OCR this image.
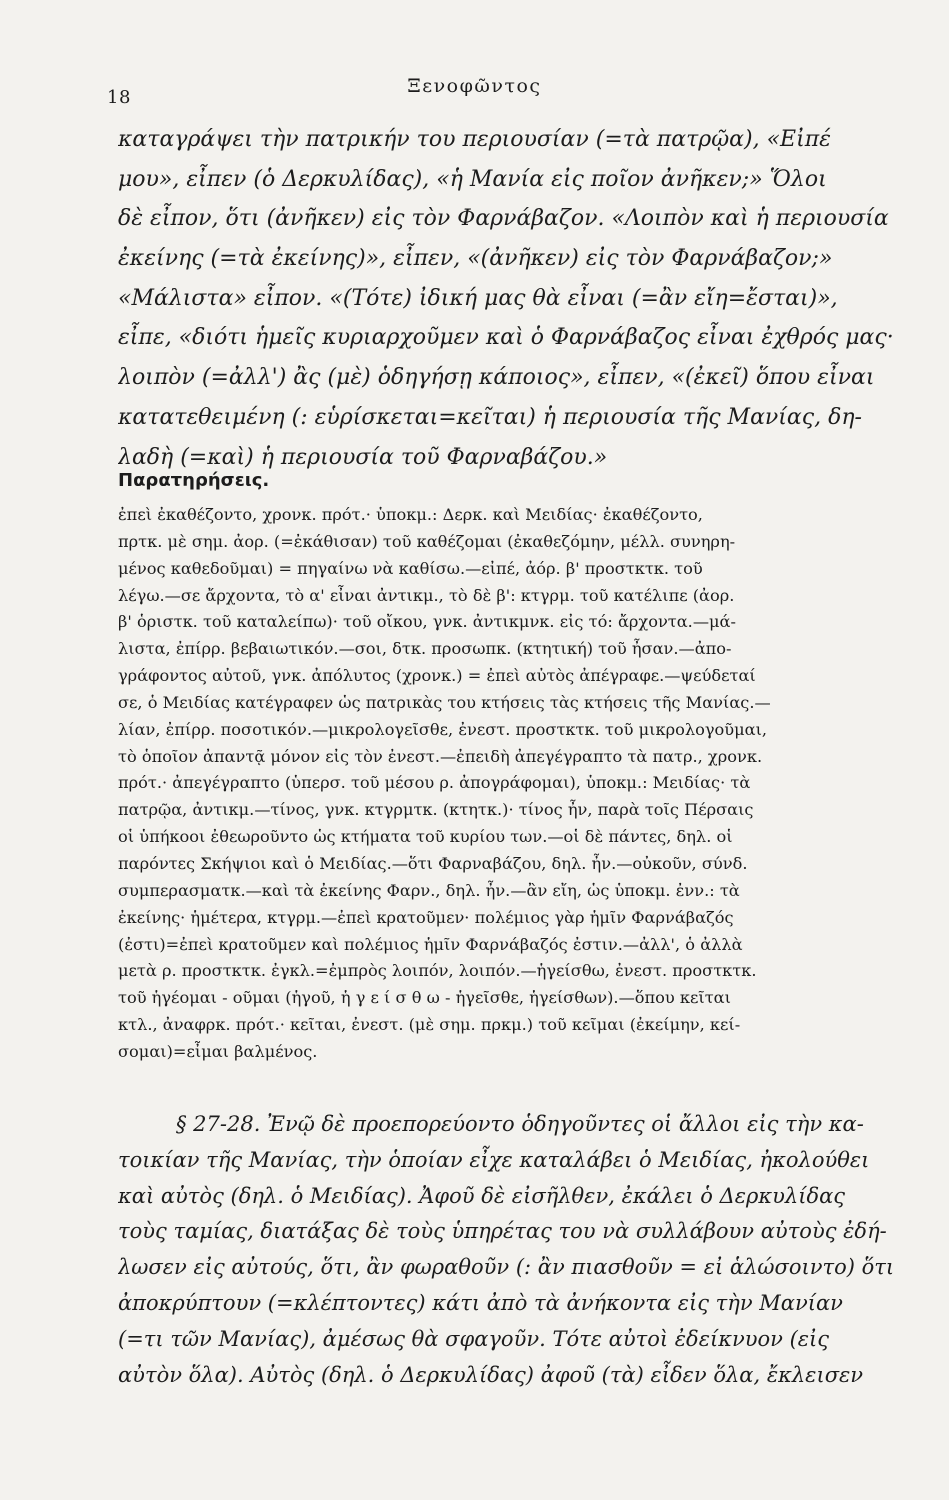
18
Ξενοφῶντος
καταγράψει τὴν πατρικήν του περιουσίαν (=τὰ πατρῷα), «Εἰπέ
μου», εἶπεν (ὁ Δερκυλίδας), «ἡ Μανία εἰς ποῖον ἀνῆκεν;» Ὅλοι
δὲ εἶπον, ὅτι (ἀνῆκεν) εἰς τὸν Φαρνάβαζον. «Λοιπὸν καὶ ἡ περιουσία
ἐκείνης (=τὰ ἐκείνης)», εἶπεν, «(ἀνῆκεν) εἰς τὸν Φαρνάβαζον;»
«Μάλιστα» εἶπον. «(Τότε) ἰδική μας θὰ εἶναι (=ἂν εἴη=ἔσται)»,
εἶπε, «διότι ἡμεῖς κυριαρχοῦμεν καὶ ὁ Φαρνάβαζος εἶναι ἐχθρός μας·
λοιπὸν (=ἀλλ') ἂς (μὲ) ὁδηγήσῃ κάποιος», εἶπεν, «(ἐκεῖ) ὅπου εἶναι
κατατεθειμένη (: εὑρίσκεται=κεῖται) ἡ περιουσία τῆς Μανίας, δη-
λαδὴ (=καὶ) ἡ περιουσία τοῦ Φαρναβάζου.»
Παρατηρήσεις.
ἐπεὶ ἐκαθέζοντο, χρονκ. πρότ.· ὑποκμ.: Δερκ. καὶ Μειδίας· ἐκαθέζοντο,
πρτκ. μὲ σημ. ἀορ. (=ἐκάθισαν) τοῦ καθέζομαι (ἐκαθεζόμην, μέλλ. συνηρη-
μένος καθεδοῦμαι) = πηγαίνω νὰ καθίσω.—εἰπέ, ἀόρ. β' προστκτκ. τοῦ
λέγω.—σε ἄρχοντα, τὸ α' εἶναι ἀντικμ., τὸ δὲ β': κτγρμ. τοῦ κατέλιπε (ἀορ.
β' ὁριστκ. τοῦ καταλείπω)· τοῦ οἴκου, γνκ. ἀντικμνκ. εἰς τό: ἄρχοντα.—μά-
λιστα, ἐπίρρ. βεβαιωτικόν.—σοι, δτκ. προσωπκ. (κτητική) τοῦ ἦσαν.—ἀπο-
γράφοντος αὐτοῦ, γνκ. ἀπόλυτος (χρονκ.) = ἐπεὶ αὐτὸς ἀπέγραφε.—ψεύδεταί
σε, ὁ Μειδίας κατέγραφεν ὡς πατρικὰς του κτήσεις τὰς κτήσεις τῆς Μανίας.—
λίαν, ἐπίρρ. ποσοτικόν.—μικρολογεῖσθε, ἐνεστ. προστκτκ. τοῦ μικρολογοῦμαι,
τὸ ὁποῖον ἀπαντᾷ μόνον εἰς τὸν ἐνεστ.—ἐπειδὴ ἀπεγέγραπτο τὰ πατρ., χρονκ.
πρότ.· ἀπεγέγραπτο (ὑπερσ. τοῦ μέσου ρ. ἀπογράφομαι), ὑποκμ.: Μειδίας· τὰ
πατρῷα, ἀντικμ.—τίνος, γνκ. κτγρμτκ. (κτητκ.)· τίνος ἦν, παρὰ τοῖς Πέρσαις
οἱ ὑπήκοοι ἐθεωροῦντο ὡς κτήματα τοῦ κυρίου των.—οἱ δὲ πάντες, δηλ. οἱ
παρόντες Σκήψιοι καὶ ὁ Μειδίας.—ὅτι Φαρναβάζου, δηλ. ἦν.—οὐκοῦν, σύνδ.
συμπερασματκ.—καὶ τὰ ἐκείνης Φαρν., δηλ. ἦν.—ἂν εἴη, ὡς ὑποκμ. ἐνν.: τὰ
ἐκείνης· ἡμέτερα, κτγρμ.—ἐπεὶ κρατοῦμεν· πολέμιος γὰρ ἡμῖν Φαρνάβαζός
(ἐστι)=ἐπεὶ κρατοῦμεν καὶ πολέμιος ἡμῖν Φαρνάβαζός ἐστιν.—ἀλλ', ὁ ἀλλὰ
μετὰ ρ. προστκτκ. ἐγκλ.=ἐμπρὸς λοιπόν, λοιπόν.—ἡγείσθω, ἐνεστ. προστκτκ.
τοῦ ἡγέομαι - οῦμαι (ἡγοῦ, ἡ γ ε ί σ θ ω - ἡγεῖσθε, ἡγείσθων).—ὅπου κεῖται
κτλ., ἀναφρκ. πρότ.· κεῖται, ἐνεστ. (μὲ σημ. πρκμ.) τοῦ κεῖμαι (ἐκείμην, κεί-
σομαι)=εἶμαι βαλμένος.
§ 27-28. Ἐνῷ δὲ προεπορεύοντο ὁδηγοῦντες οἱ ἄλλοι εἰς τὴν κα-
τοικίαν τῆς Μανίας, τὴν ὁποίαν εἶχε καταλάβει ὁ Μειδίας, ἠκολούθει
καὶ αὐτὸς (δηλ. ὁ Μειδίας). Ἀφοῦ δὲ εἰσῆλθεν, ἐκάλει ὁ Δερκυλίδας
τοὺς ταμίας, διατάξας δὲ τοὺς ὑπηρέτας του νὰ συλλάβουν αὐτοὺς ἐδή-
λωσεν εἰς αὐτούς, ὅτι, ἂν φωραθοῦν (: ἂν πιασθοῦν = εἰ ἁλώσοιντο) ὅτι
ἀποκρύπτουν (=κλέπτοντες) κάτι ἀπὸ τὰ ἀνήκοντα εἰς τὴν Μανίαν
(=τι τῶν Μανίας), ἀμέσως θὰ σφαγοῦν. Τότε αὐτοὶ ἐδείκνυον (εἰς
αὐτὸν ὅλα). Αὐτὸς (δηλ. ὁ Δερκυλίδας) ἀφοῦ (τὰ) εἶδεν ὅλα, ἔκλεισεν
